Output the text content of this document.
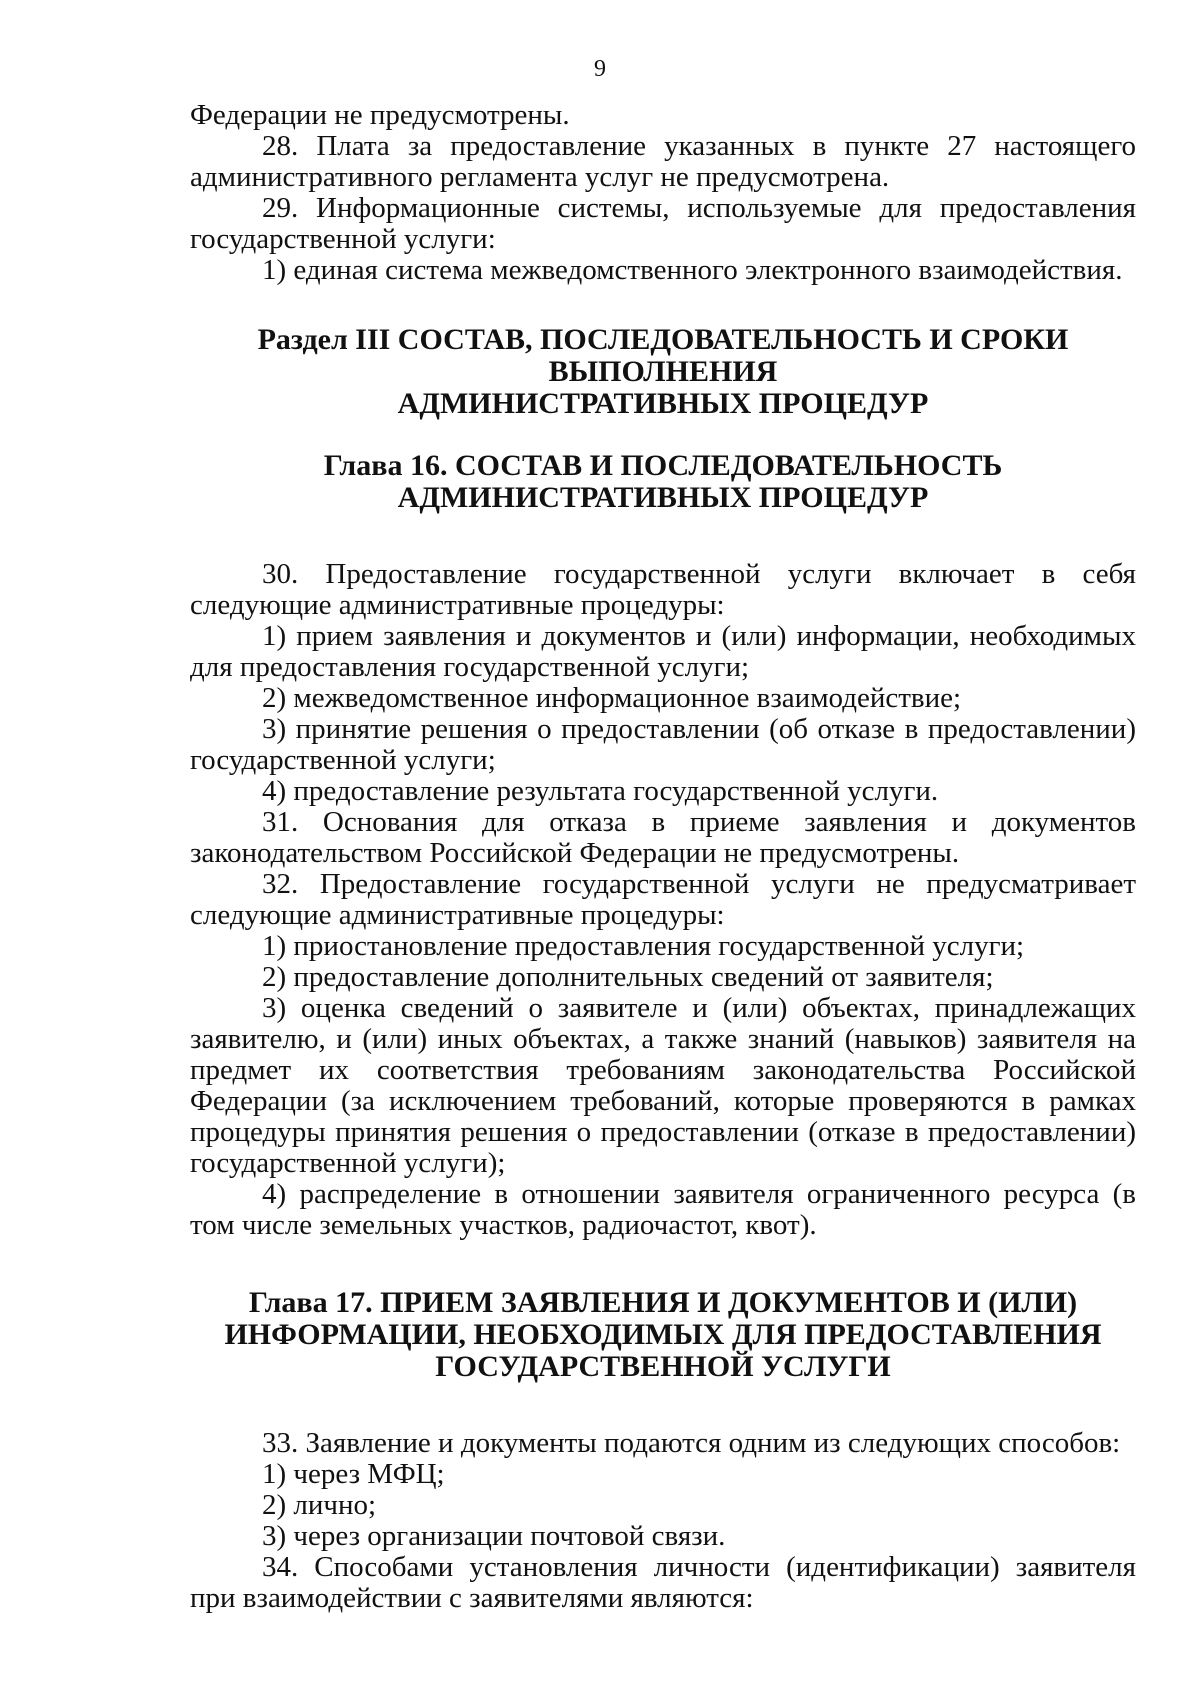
9

Федерации не предусмотрены.

28. Плата за предоставление указанных в пункте 27 настоящего административного регламента услуг не предусмотрена.

29. Информационные системы, используемые для предоставления государственной услуги:

1) единая система межведомственного электронного взаимодействия.

Раздел III СОСТАВ, ПОСЛЕДОВАТЕЛЬНОСТЬ И СРОКИ ВЫПОЛНЕНИЯ
АДМИНИСТРАТИВНЫХ ПРОЦЕДУР
Глава 16. СОСТАВ И ПОСЛЕДОВАТЕЛЬНОСТЬ
АДМИНИСТРАТИВНЫХ ПРОЦЕДУР

30. Предоставление государственной услуги включает в себя следующие административные процедуры:

1) прием заявления и документов и (или) информации, необходимых для предоставления государственной услуги;

2) межведомственное информационное взаимодействие;

3) принятие решения о предоставлении (об отказе в предоставлении) государственной услуги;

4) предоставление результата государственной услуги.

31. Основания для отказа в приеме заявления и документов законодательством Российской Федерации не предусмотрены.

32. Предоставление государственной услуги не предусматривает следующие административные процедуры:

1) приостановление предоставления государственной услуги;

2) предоставление дополнительных сведений от заявителя;

3) оценка сведений о заявителе и (или) объектах, принадлежащих заявителю, и (или) иных объектах, а также знаний (навыков) заявителя на предмет их соответствия требованиям законодательства Российской Федерации (за исключением требований, которые проверяются в рамках процедуры принятия решения о предоставлении (отказе в предоставлении) государственной услуги);

4) распределение в отношении заявителя ограниченного ресурса (в том числе земельных участков, радиочастот, квот).

Глава 17. ПРИЕМ ЗАЯВЛЕНИЯ И ДОКУМЕНТОВ И (ИЛИ)
ИНФОРМАЦИИ, НЕОБХОДИМЫХ ДЛЯ ПРЕДОСТАВЛЕНИЯ
ГОСУДАРСТВЕННОЙ УСЛУГИ

33. Заявление и документы подаются одним из следующих способов:

1) через МФЦ;

2) лично;

3) через организации почтовой связи.

34. Способами установления личности (идентификации) заявителя при взаимодействии с заявителями являются:
